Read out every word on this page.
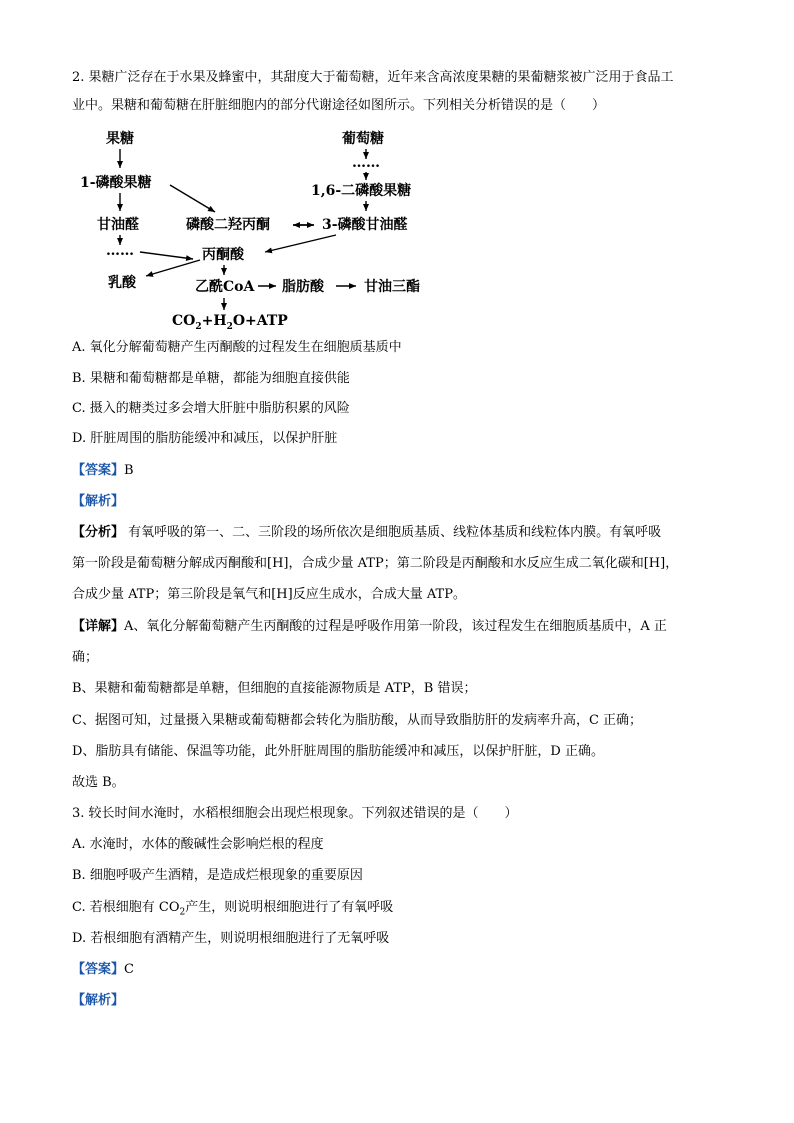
2. 果糖广泛存在于水果及蜂蜜中，其甜度大于葡萄糖，近年来含高浓度果糖的果葡糖浆被广泛用于食品工
业中。果糖和葡萄糖在肝脏细胞内的部分代谢途径如图所示。下列相关分析错误的是（　　）
果糖
1-磷酸果糖
甘油醛
……
葡萄糖
……
1,6-二磷酸果糖
磷酸二羟丙酮	3-磷酸甘油醛
丙酮酸
乳酸	乙酰CoA 脂肪酸	甘油三酯
$CO_2+H_2O+ATP$
A. 氧化分解葡萄糖产生丙酮酸的过程发生在细胞质基质中
B. 果糖和葡萄糖都是单糖，都能为细胞直接供能
C. 摄入的糖类过多会增大肝脏中脂肪积累的风险
D. 肝脏周围的脂肪能缓冲和减压，以保护肝脏
【答案】B
【解析】
【分析】 有氧呼吸的第一、二、三阶段的场所依次是细胞质基质、线粒体基质和线粒体内膜。有氧呼吸
第一阶段是葡萄糖分解成丙酮酸和[H]，合成少量 ATP；第二阶段是丙酮酸和水反应生成二氧化碳和[H]，
合成少量 ATP；第三阶段是氧气和[H]反应生成水，合成大量 ATP。
【详解】A、氧化分解葡萄糖产生丙酮酸的过程是呼吸作用第一阶段，该过程发生在细胞质基质中，A 正
确；
B、果糖和葡萄糖都是单糖，但细胞的直接能源物质是 ATP，B 错误；
C、据图可知，过量摄入果糖或葡萄糖都会转化为脂肪酸，从而导致脂肪肝的发病率升高，C 正确；
D、脂肪具有储能、保温等功能，此外肝脏周围的脂肪能缓冲和减压，以保护肝脏，D 正确。
故选 B。
3. 较长时间水淹时，水稻根细胞会出现烂根现象。下列叙述错误的是（　　）
A. 水淹时，水体的酸碱性会影响烂根的程度
B. 细胞呼吸产生酒精，是造成烂根现象的重要原因
C. 若根细胞有 $CO_2$产生，则说明根细胞进行了有氧呼吸
D. 若根细胞有酒精产生，则说明根细胞进行了无氧呼吸
【答案】C
【解析】
